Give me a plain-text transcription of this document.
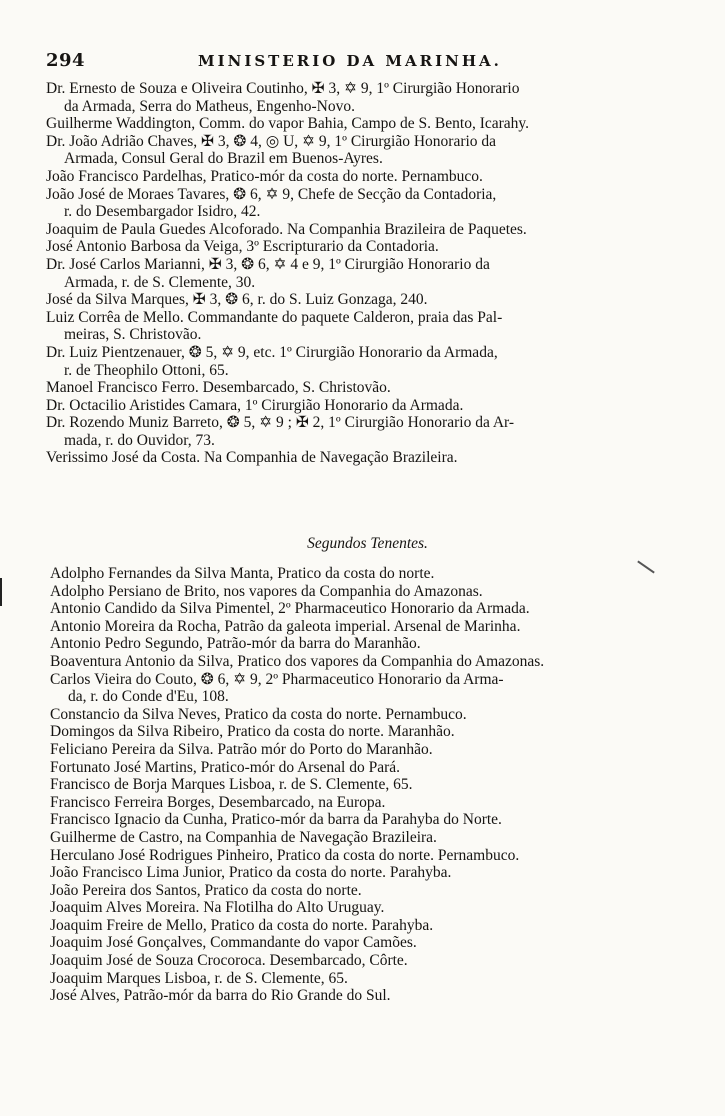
294	MINISTERIO DA MARINHA.
Dr. Ernesto de Souza e Oliveira Coutinho, ✠ 3, ✡ 9, 1º Cirurgião Honorario
da Armada, Serra do Matheus, Engenho-Novo.
Guilherme Waddington, Comm. do vapor Bahia, Campo de S. Bento, Icarahy.
Dr. João Adrião Chaves, ✠ 3, ❂ 4, ◎ U, ✡ 9, 1º Cirurgião Honorario da
Armada, Consul Geral do Brazil em Buenos-Ayres.
João Francisco Pardelhas, Pratico-mór da costa do norte. Pernambuco.
João José de Moraes Tavares, ❂ 6, ✡ 9, Chefe de Secção da Contadoria,
r. do Desembargador Isidro, 42.
Joaquim de Paula Guedes Alcoforado. Na Companhia Brazileira de Paquetes.
José Antonio Barbosa da Veiga, 3º Escripturario da Contadoria.
Dr. José Carlos Marianni, ✠ 3, ❂ 6, ✡ 4 e 9, 1º Cirurgião Honorario da
Armada, r. de S. Clemente, 30.
José da Silva Marques, ✠ 3, ❂ 6, r. do S. Luiz Gonzaga, 240.
Luiz Corrêa de Mello. Commandante do paquete Calderon, praia das Pal-
meiras, S. Christovão.
Dr. Luiz Pientzenauer, ❂ 5, ✡ 9, etc. 1º Cirurgião Honorario da Armada,
r. de Theophilo Ottoni, 65.
Manoel Francisco Ferro. Desembarcado, S. Christovão.
Dr. Octacilio Aristides Camara, 1º Cirurgião Honorario da Armada.
Dr. Rozendo Muniz Barreto, ❂ 5, ✡ 9 ; ✠ 2, 1º Cirurgião Honorario da Ar-
mada, r. do Ouvidor, 73.
Verissimo José da Costa. Na Companhia de Navegação Brazileira.
Segundos Tenentes.
Adolpho Fernandes da Silva Manta, Pratico da costa do norte.
Adolpho Persiano de Brito, nos vapores da Companhia do Amazonas.
Antonio Candido da Silva Pimentel, 2º Pharmaceutico Honorario da Armada.
Antonio Moreira da Rocha, Patrão da galeota imperial. Arsenal de Marinha.
Antonio Pedro Segundo, Patrão-mór da barra do Maranhão.
Boaventura Antonio da Silva, Pratico dos vapores da Companhia do Amazonas.
Carlos Vieira do Couto, ❂ 6, ✡ 9, 2º Pharmaceutico Honorario da Arma-
da, r. do Conde d'Eu, 108.
Constancio da Silva Neves, Pratico da costa do norte. Pernambuco.
Domingos da Silva Ribeiro, Pratico da costa do norte. Maranhão.
Feliciano Pereira da Silva. Patrão mór do Porto do Maranhão.
Fortunato José Martins, Pratico-mór do Arsenal do Pará.
Francisco de Borja Marques Lisboa, r. de S. Clemente, 65.
Francisco Ferreira Borges, Desembarcado, na Europa.
Francisco Ignacio da Cunha, Pratico-mór da barra da Parahyba do Norte.
Guilherme de Castro, na Companhia de Navegação Brazileira.
Herculano José Rodrigues Pinheiro, Pratico da costa do norte. Pernambuco.
João Francisco Lima Junior, Pratico da costa do norte. Parahyba.
João Pereira dos Santos, Pratico da costa do norte.
Joaquim Alves Moreira. Na Flotilha do Alto Uruguay.
Joaquim Freire de Mello, Pratico da costa do norte. Parahyba.
Joaquim José Gonçalves, Commandante do vapor Camões.
Joaquim José de Souza Crocoroca. Desembarcado, Côrte.
Joaquim Marques Lisboa, r. de S. Clemente, 65.
José Alves, Patrão-mór da barra do Rio Grande do Sul.
